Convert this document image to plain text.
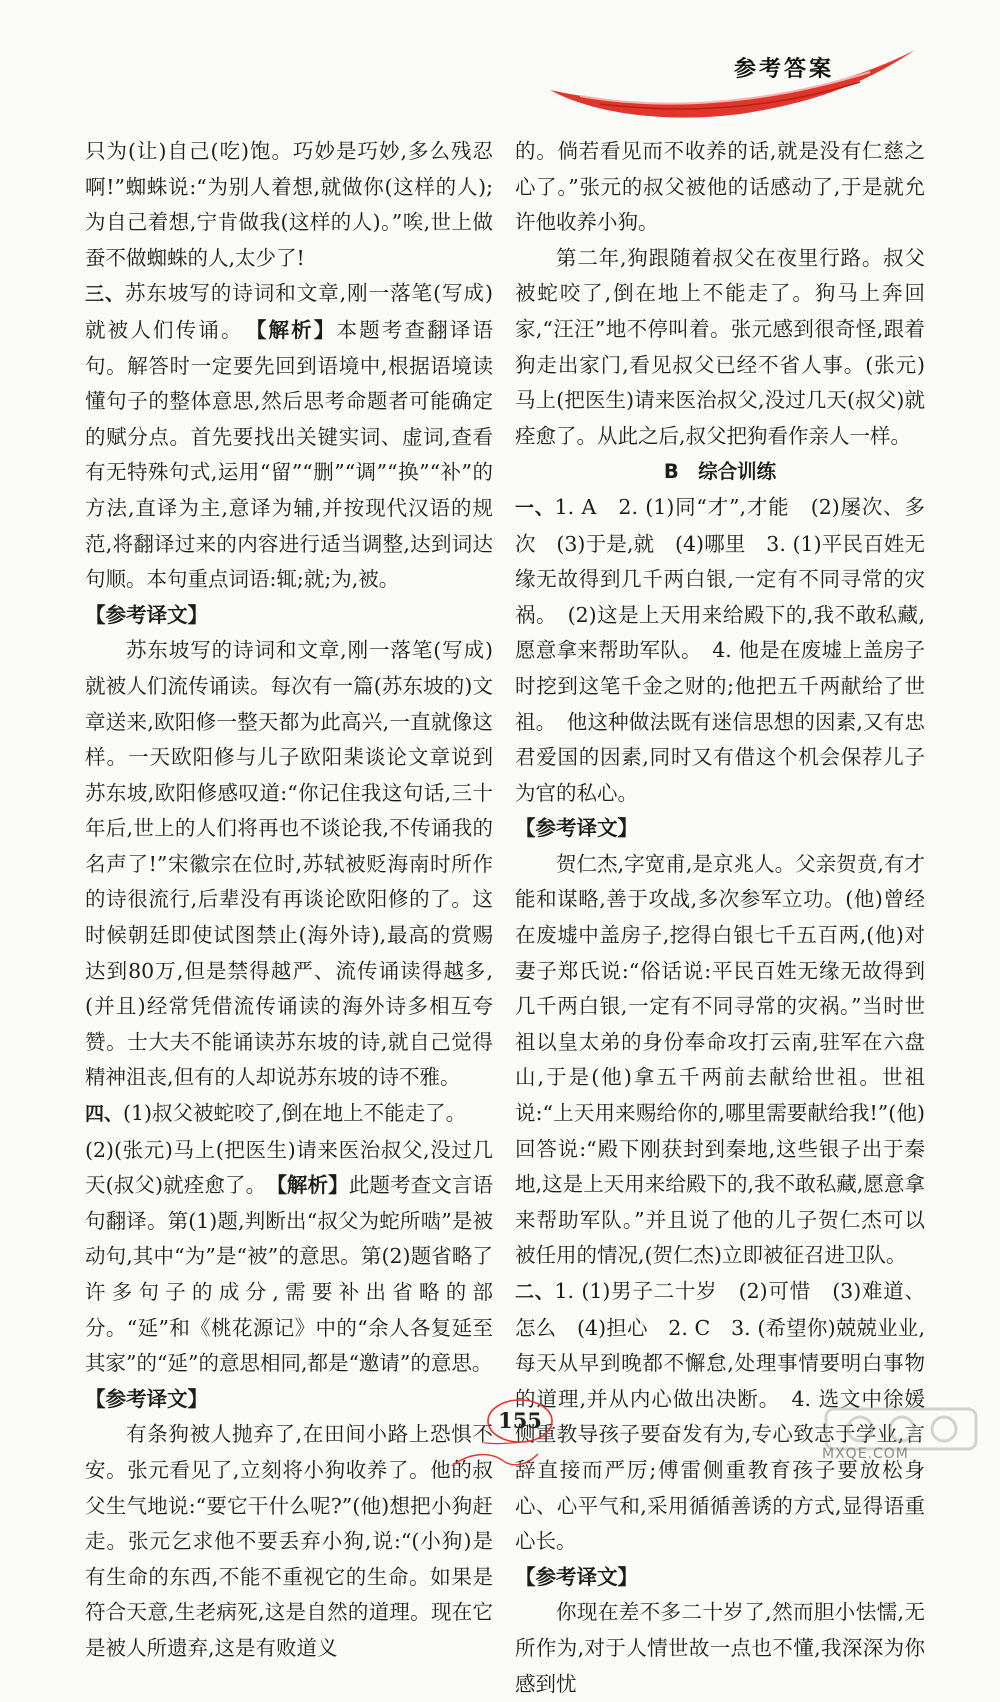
参考答案

只为(让)自己(吃)饱。巧妙是巧妙,多么残忍啊!”蜘蛛说:“为别人着想,就做你(这样的人);为自己着想,宁肯做我(这样的人)。”唉,世上做蚕不做蜘蛛的人,太少了!

三、苏东坡写的诗词和文章,刚一落笔(写成)就被人们传诵。　 【解析】本题考查翻译语句。解答时一定要先回到语境中,根据语境读懂句子的整体意思,然后思考命题者可能确定的赋分点。首先要找出关键实词、虚词,查看有无特殊句式,运用“留”“删”“调”“换”“补”的方法,直译为主,意译为辅,并按现代汉语的规范,将翻译过来的内容进行适当调整,达到词达句顺。本句重点词语:辄;就;为,被。

【参考译文】

苏东坡写的诗词和文章,刚一落笔(写成)就被人们流传诵读。每次有一篇(苏东坡的)文章送来,欧阳修一整天都为此高兴,一直就像这样。一天欧阳修与儿子欧阳棐谈论文章说到苏东坡,欧阳修感叹道:“你记住我这句话,三十年后,世上的人们将再也不谈论我,不传诵我的名声了!”宋徽宗在位时,苏轼被贬海南时所作的诗很流行,后辈没有再谈论欧阳修的了。这时候朝廷即使试图禁止(海外诗),最高的赏赐达到80万,但是禁得越严、流传诵读得越多,(并且)经常凭借流传诵读的海外诗多相互夸赞。士大夫不能诵读苏东坡的诗,就自己觉得精神沮丧,但有的人却说苏东坡的诗不雅。

四、(1)叔父被蛇咬了,倒在地上不能走了。

(2)(张元)马上(把医生)请来医治叔父,没过几天(叔父)就痊愈了。　 【解析】此题考查文言语句翻译。第(1)题,判断出“叔父为蛇所啮”是被动句,其中“为”是“被”的意思。第(2)题省略了许多句子的成分,需要补出省略的部分。“延”和《桃花源记》中的“余人各复延至其家”的“延”的意思相同,都是“邀请”的意思。

【参考译文】

有条狗被人抛弃了,在田间小路上恐惧不安。张元看见了,立刻将小狗收养了。他的叔父生气地说:“要它干什么呢?”(他)想把小狗赶走。张元乞求他不要丢弃小狗,说:“(小狗)是有生命的东西,不能不重视它的生命。如果是符合天意,生老病死,这是自然的道理。现在它是被人所遗弃,这是有败道义

的。倘若看见而不收养的话,就是没有仁慈之心了。”张元的叔父被他的话感动了,于是就允许他收养小狗。

第二年,狗跟随着叔父在夜里行路。叔父被蛇咬了,倒在地上不能走了。狗马上奔回家,“汪汪”地不停叫着。张元感到很奇怪,跟着狗走出家门,看见叔父已经不省人事。(张元)马上(把医生)请来医治叔父,没过几天(叔父)就痊愈了。从此之后,叔父把狗看作亲人一样。

B　综合训练

一、1. A　2. (1)同“才”,才能　(2)屡次、多次　(3)于是,就　(4)哪里　3. (1)平民百姓无缘无故得到几千两白银,一定有不同寻常的灾祸。　(2)这是上天用来给殿下的,我不敢私藏,愿意拿来帮助军队。　4. 他是在废墟上盖房子时挖到这笔千金之财的;他把五千两献给了世祖。　他这种做法既有迷信思想的因素,又有忠君爱国的因素,同时又有借这个机会保荐儿子为官的私心。

【参考译文】

贺仁杰,字宽甫,是京兆人。父亲贺贲,有才能和谋略,善于攻战,多次参军立功。(他)曾经在废墟中盖房子,挖得白银七千五百两,(他)对妻子郑氏说:“俗话说:平民百姓无缘无故得到几千两白银,一定有不同寻常的灾祸。”当时世祖以皇太弟的身份奉命攻打云南,驻军在六盘山,于是(他)拿五千两前去献给世祖。世祖说:“上天用来赐给你的,哪里需要献给我!”(他)回答说:“殿下刚获封到秦地,这些银子出于秦地,这是上天用来给殿下的,我不敢私藏,愿意拿来帮助军队。”并且说了他的儿子贺仁杰可以被任用的情况,(贺仁杰)立即被征召进卫队。

二、1. (1)男子二十岁　(2)可惜　(3)难道、怎么　(4)担心　2. C　3. (希望你)兢兢业业,每天从早到晚都不懈怠,处理事情要明白事物的道理,并从内心做出决断。　4. 选文中徐媛侧重教导孩子要奋发有为,专心致志于学业,言辞直接而严厉;傅雷侧重教育孩子要放松身心、心平气和,采用循循善诱的方式,显得语重心长。

【参考译文】

你现在差不多二十岁了,然而胆小怯懦,无所作为,对于人情世故一点也不懂,我深深为你感到忧

155
MXQE.COM
